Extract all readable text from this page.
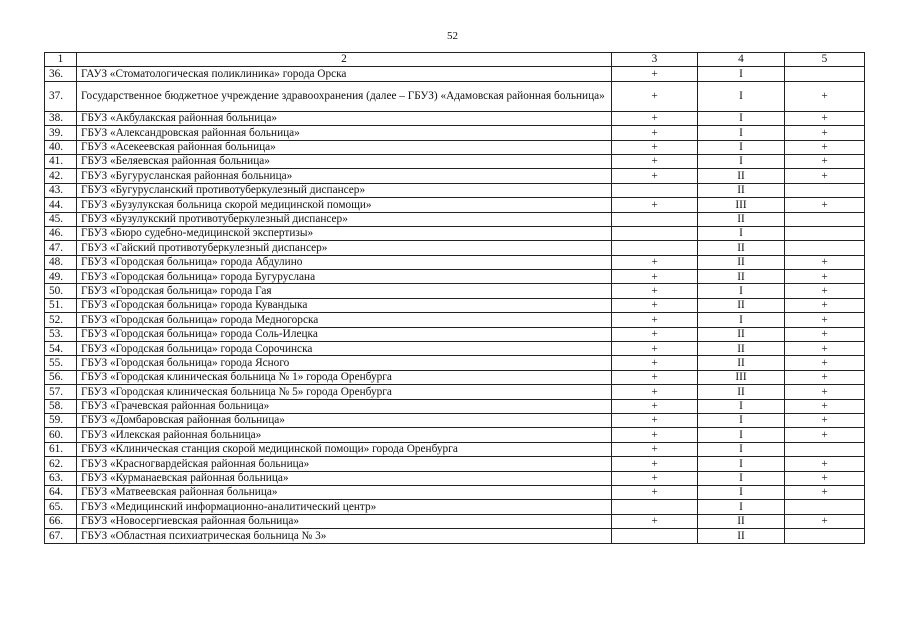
52
1	2	3	4	5
36.	ГАУЗ «Стоматологическая поликлиника» города Орска	+	I	
37.	Государственное бюджетное учреждение здравоохранения (далее – ГБУЗ) «Адамовская районная больница»	+	I	+
38.	ГБУЗ «Акбулакская районная больница»	+	I	+
39.	ГБУЗ «Александровская районная больница»	+	I	+
40.	ГБУЗ «Асекеевская районная больница»	+	I	+
41.	ГБУЗ «Беляевская районная больница»	+	I	+
42.	ГБУЗ «Бугурусланская районная больница»	+	II	+
43.	ГБУЗ «Бугурусланский противотуберкулезный диспансер»		II	
44.	ГБУЗ «Бузулукская больница скорой медицинской помощи»	+	III	+
45.	ГБУЗ «Бузулукский противотуберкулезный диспансер»		II	
46.	ГБУЗ «Бюро судебно-медицинской экспертизы»		I	
47.	ГБУЗ «Гайский противотуберкулезный диспансер»		II	
48.	ГБУЗ «Городская больница» города Абдулино	+	II	+
49.	ГБУЗ «Городская больница» города Бугуруслана	+	II	+
50.	ГБУЗ «Городская больница» города Гая	+	I	+
51.	ГБУЗ «Городская больница» города Кувандыка	+	II	+
52.	ГБУЗ «Городская больница» города Медногорска	+	I	+
53.	ГБУЗ «Городская больница» города Соль-Илецка	+	II	+
54.	ГБУЗ «Городская больница» города Сорочинска	+	II	+
55.	ГБУЗ «Городская больница» города Ясного	+	II	+
56.	ГБУЗ «Городская клиническая больница № 1» города Оренбурга	+	III	+
57.	ГБУЗ «Городская клиническая больница № 5» города Оренбурга	+	II	+
58.	ГБУЗ «Грачевская районная больница»	+	I	+
59.	ГБУЗ «Домбаровская районная больница»	+	I	+
60.	ГБУЗ «Илекская районная больница»	+	I	+
61.	ГБУЗ «Клиническая станция скорой медицинской помощи» города Оренбурга	+	I	
62.	ГБУЗ «Красногвардейская районная больница»	+	I	+
63.	ГБУЗ «Курманаевская районная больница»	+	I	+
64.	ГБУЗ «Матвеевская районная больница»	+	I	+
65.	ГБУЗ «Медицинский информационно-аналитический центр»		I	
66.	ГБУЗ «Новосергиевская районная больница»	+	II	+
67.	ГБУЗ «Областная психиатрическая больница № 3»		II	
